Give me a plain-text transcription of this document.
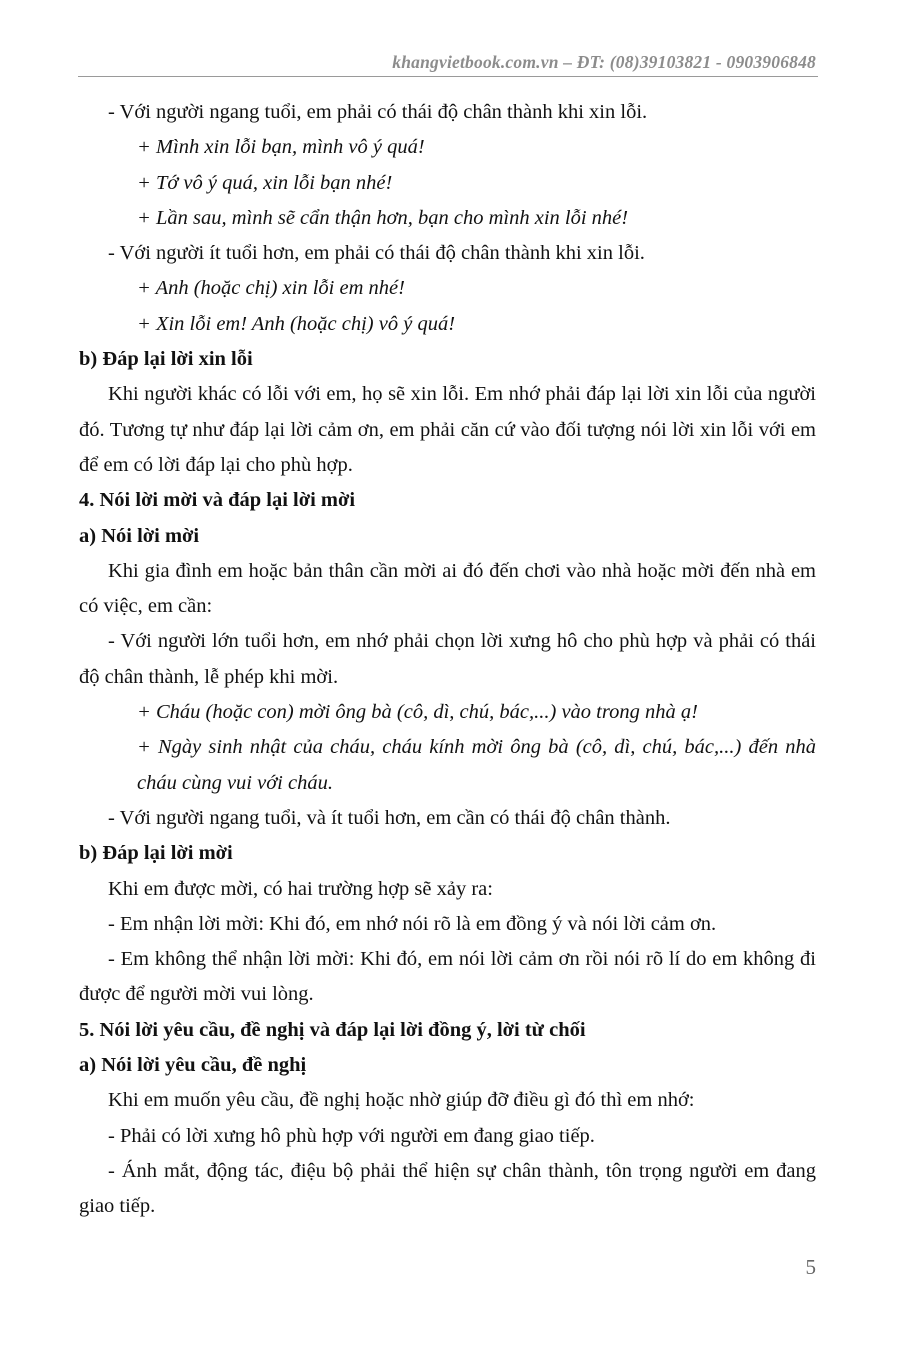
khangvietbook.com.vn – ĐT: (08)39103821 - 0903906848

- Với người ngang tuổi, em phải có thái độ chân thành khi xin lỗi.

+ Mình xin lỗi bạn, mình vô ý quá!

+ Tớ vô ý quá, xin lỗi bạn nhé!

+ Lần sau, mình sẽ cẩn thận hơn, bạn cho mình xin lỗi nhé!

- Với người ít tuổi hơn, em phải có thái độ chân thành khi xin lỗi.

+ Anh (hoặc chị) xin lỗi em nhé!

+ Xin lỗi em! Anh (hoặc chị) vô ý quá!

b) Đáp lại lời xin lỗi

Khi người khác có lỗi với em, họ sẽ xin lỗi. Em nhớ phải đáp lại lời xin lỗi của người đó. Tương tự như đáp lại lời cảm ơn, em phải căn cứ vào đối tượng nói lời xin lỗi với em để em có lời đáp lại cho phù hợp.

4. Nói lời mời và đáp lại lời mời

a) Nói lời mời

Khi gia đình em hoặc bản thân cần mời ai đó đến chơi vào nhà hoặc mời đến nhà em có việc, em cần:

- Với người lớn tuổi hơn, em nhớ phải chọn lời xưng hô cho phù hợp và phải có thái độ chân thành, lễ phép khi mời.

+ Cháu (hoặc con) mời ông bà (cô, dì, chú, bác,...) vào trong nhà ạ!

+ Ngày sinh nhật của cháu, cháu kính mời ông bà (cô, dì, chú, bác,...) đến nhà cháu cùng vui với cháu.

- Với người ngang tuổi, và ít tuổi hơn, em cần có thái độ chân thành.

b) Đáp lại lời mời

Khi em được mời, có hai trường hợp sẽ xảy ra:

- Em nhận lời mời: Khi đó, em nhớ nói rõ là em đồng ý và nói lời cảm ơn.

- Em không thể nhận lời mời: Khi đó, em nói lời cảm ơn rồi nói rõ lí do em không đi được để người mời vui lòng.

5. Nói lời yêu cầu, đề nghị và đáp lại lời đồng ý, lời từ chối

a) Nói lời yêu cầu, đề nghị

Khi em muốn yêu cầu, đề nghị hoặc nhờ giúp đỡ điều gì đó thì em nhớ:

- Phải có lời xưng hô phù hợp với người em đang giao tiếp.

- Ánh mắt, động tác, điệu bộ phải thể hiện sự chân thành, tôn trọng người em đang giao tiếp.

5
